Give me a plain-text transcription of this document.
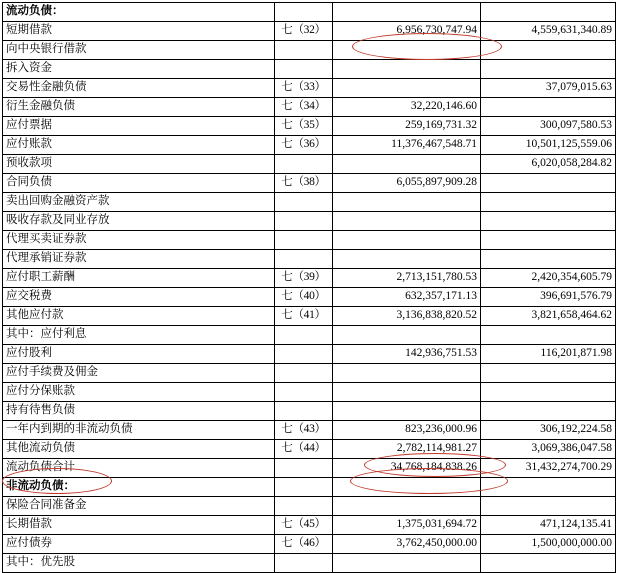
流动负债：			
短期借款	七（32）	6,956,730,747.94	4,559,631,340.89
向中央银行借款			
拆入资金			
交易性金融负债	七（33）		37,079,015.63
衍生金融负债	七（34）	32,220,146.60	
应付票据	七（35）	259,169,731.32	300,097,580.53
应付账款	七（36）	11,376,467,548.71	10,501,125,559.06
预收款项			6,020,058,284.82
合同负债	七（38）	6,055,897,909.28	
卖出回购金融资产款			
吸收存款及同业存放			
代理买卖证券款			
代理承销证券款			
应付职工薪酬	七（39）	2,713,151,780.53	2,420,354,605.79
应交税费	七（40）	632,357,171.13	396,691,576.79
其他应付款	七（41）	3,136,838,820.52	3,821,658,464.62
其中：应付利息			
应付股利		142,936,751.53	116,201,871.98
应付手续费及佣金			
应付分保账款			
持有待售负债			
一年内到期的非流动负债	七（43）	823,236,000.96	306,192,224.58
其他流动负债	七（44）	2,782,114,981.27	3,069,386,047.58
流动负债合计		34,768,184,838.26	31,432,274,700.29
非流动负债：			
保险合同准备金			
长期借款	七（45）	1,375,031,694.72	471,124,135.41
应付债券	七（46）	3,762,450,000.00	1,500,000,000.00
其中：优先股			
